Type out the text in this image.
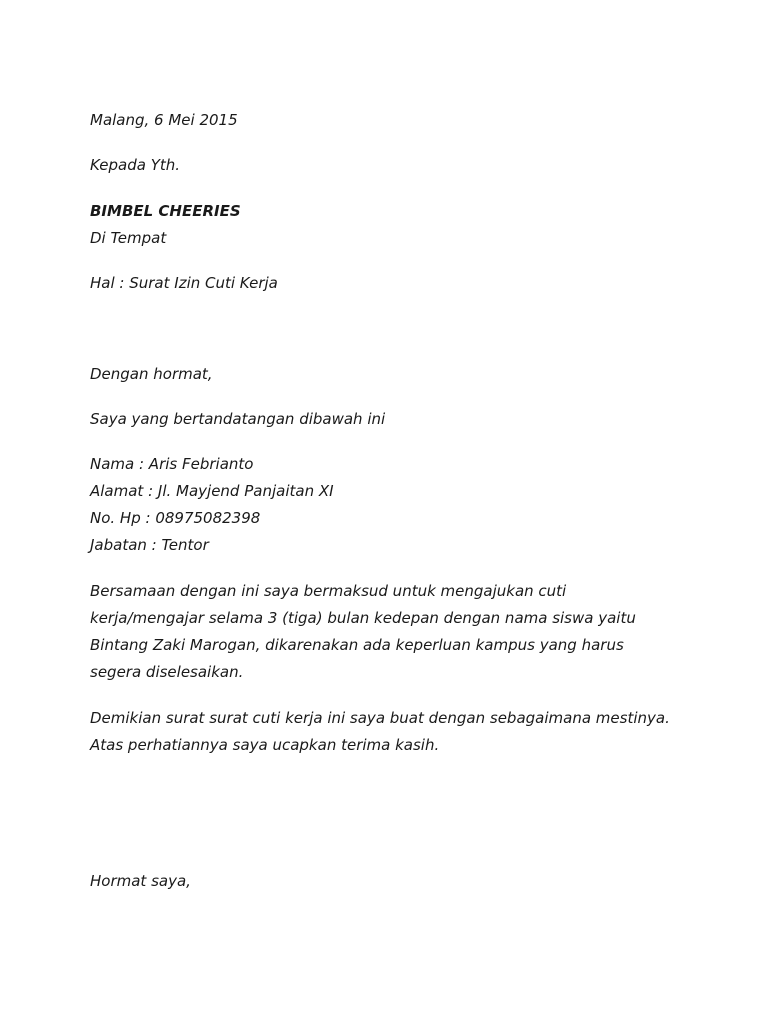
Malang, 6 Mei 2015
Kepada Yth.
BIMBEL CHEERIES
Di Tempat
Hal : Surat Izin Cuti Kerja
Dengan hormat,
Saya yang bertandatangan dibawah ini
Nama : Aris Febrianto
Alamat : Jl. Mayjend Panjaitan XI
No. Hp : 08975082398
Jabatan : Tentor
Bersamaan dengan ini saya bermaksud untuk mengajukan cuti
kerja/mengajar selama 3 (tiga) bulan kedepan dengan nama siswa yaitu
Bintang Zaki Marogan, dikarenakan ada keperluan kampus yang harus
segera diselesaikan.
Demikian surat surat cuti kerja ini saya buat dengan sebagaimana mestinya.
Atas perhatiannya saya ucapkan terima kasih.
Hormat saya,
